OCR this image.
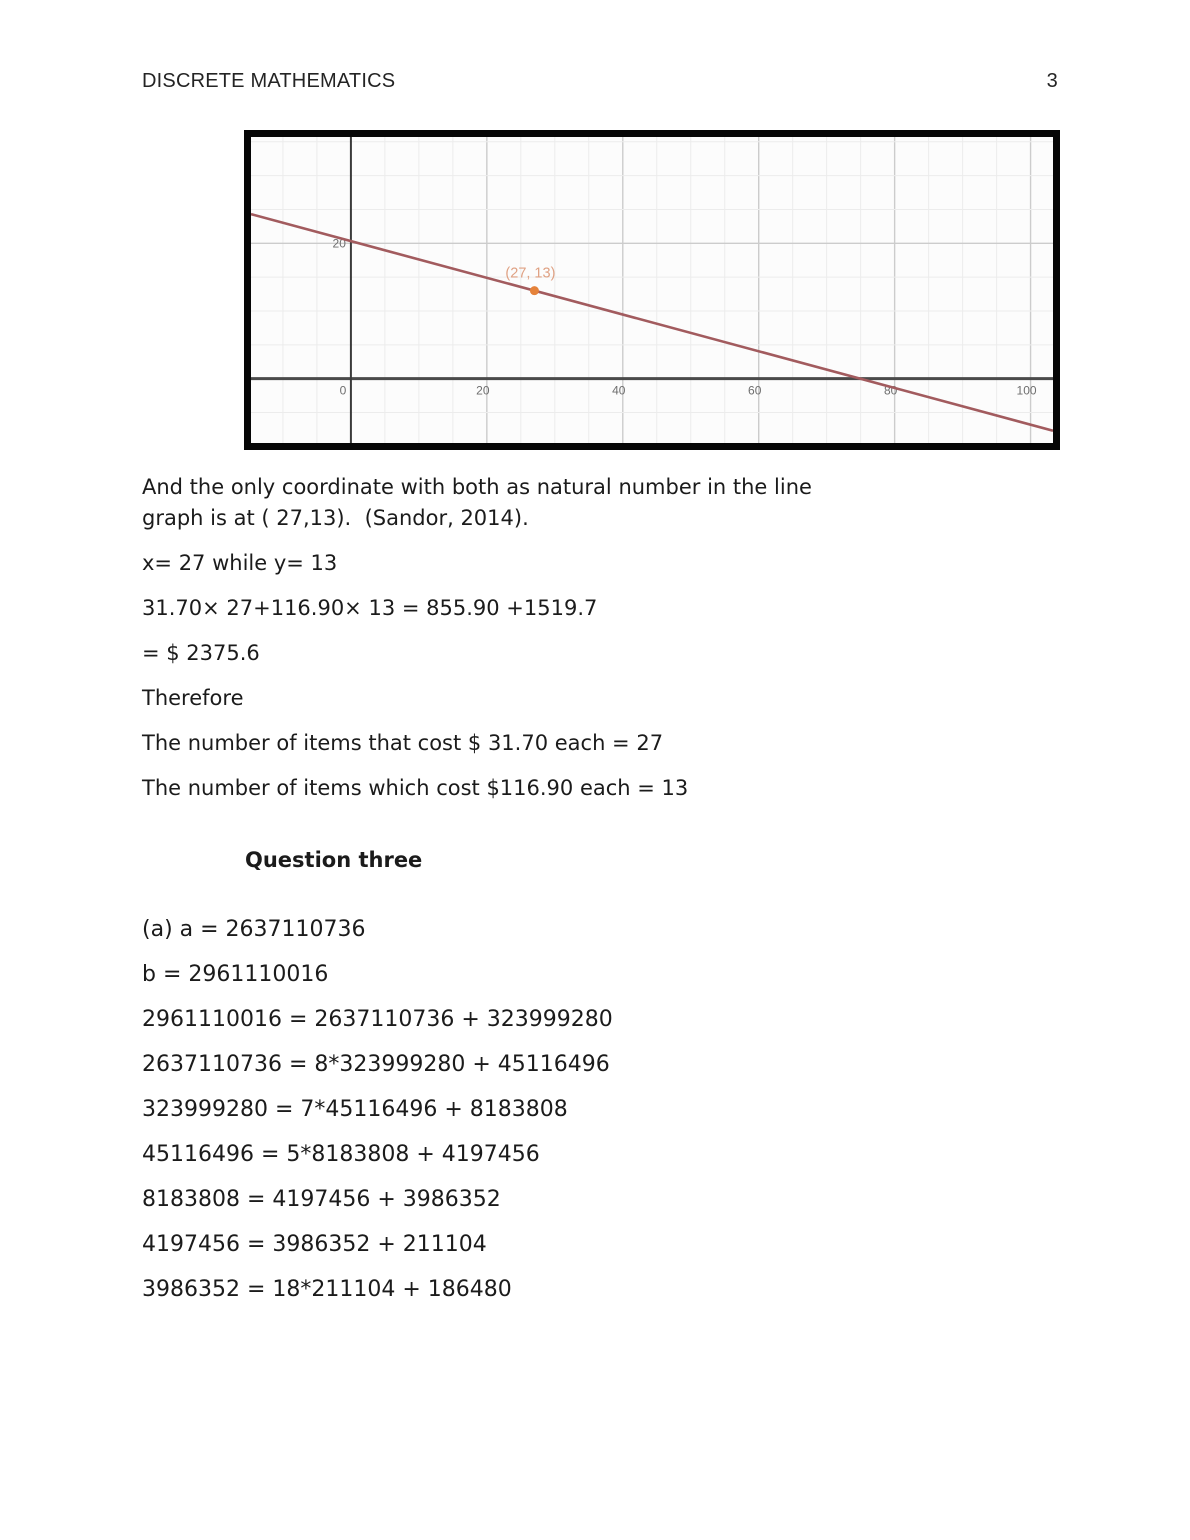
DISCRETE MATHEMATICS	3
0	20	40	60	80	100
20
(27, 13)

And the only coordinate with both as natural number in the line
graph is at ( 27,13).  (Sandor, 2014).

x= 27 while y= 13

31.70× 27+116.90× 13 = 855.90 +1519.7

= $ 2375.6

Therefore

The number of items that cost $ 31.70 each = 27

The number of items which cost $116.90 each = 13

Question three

(a) a = 2637110736

b = 2961110016

2961110016 = 2637110736 + 323999280

2637110736 = 8*323999280 + 45116496

323999280 = 7*45116496 + 8183808

45116496 = 5*8183808 + 4197456

8183808 = 4197456 + 3986352

4197456 = 3986352 + 211104

3986352 = 18*211104 + 186480
